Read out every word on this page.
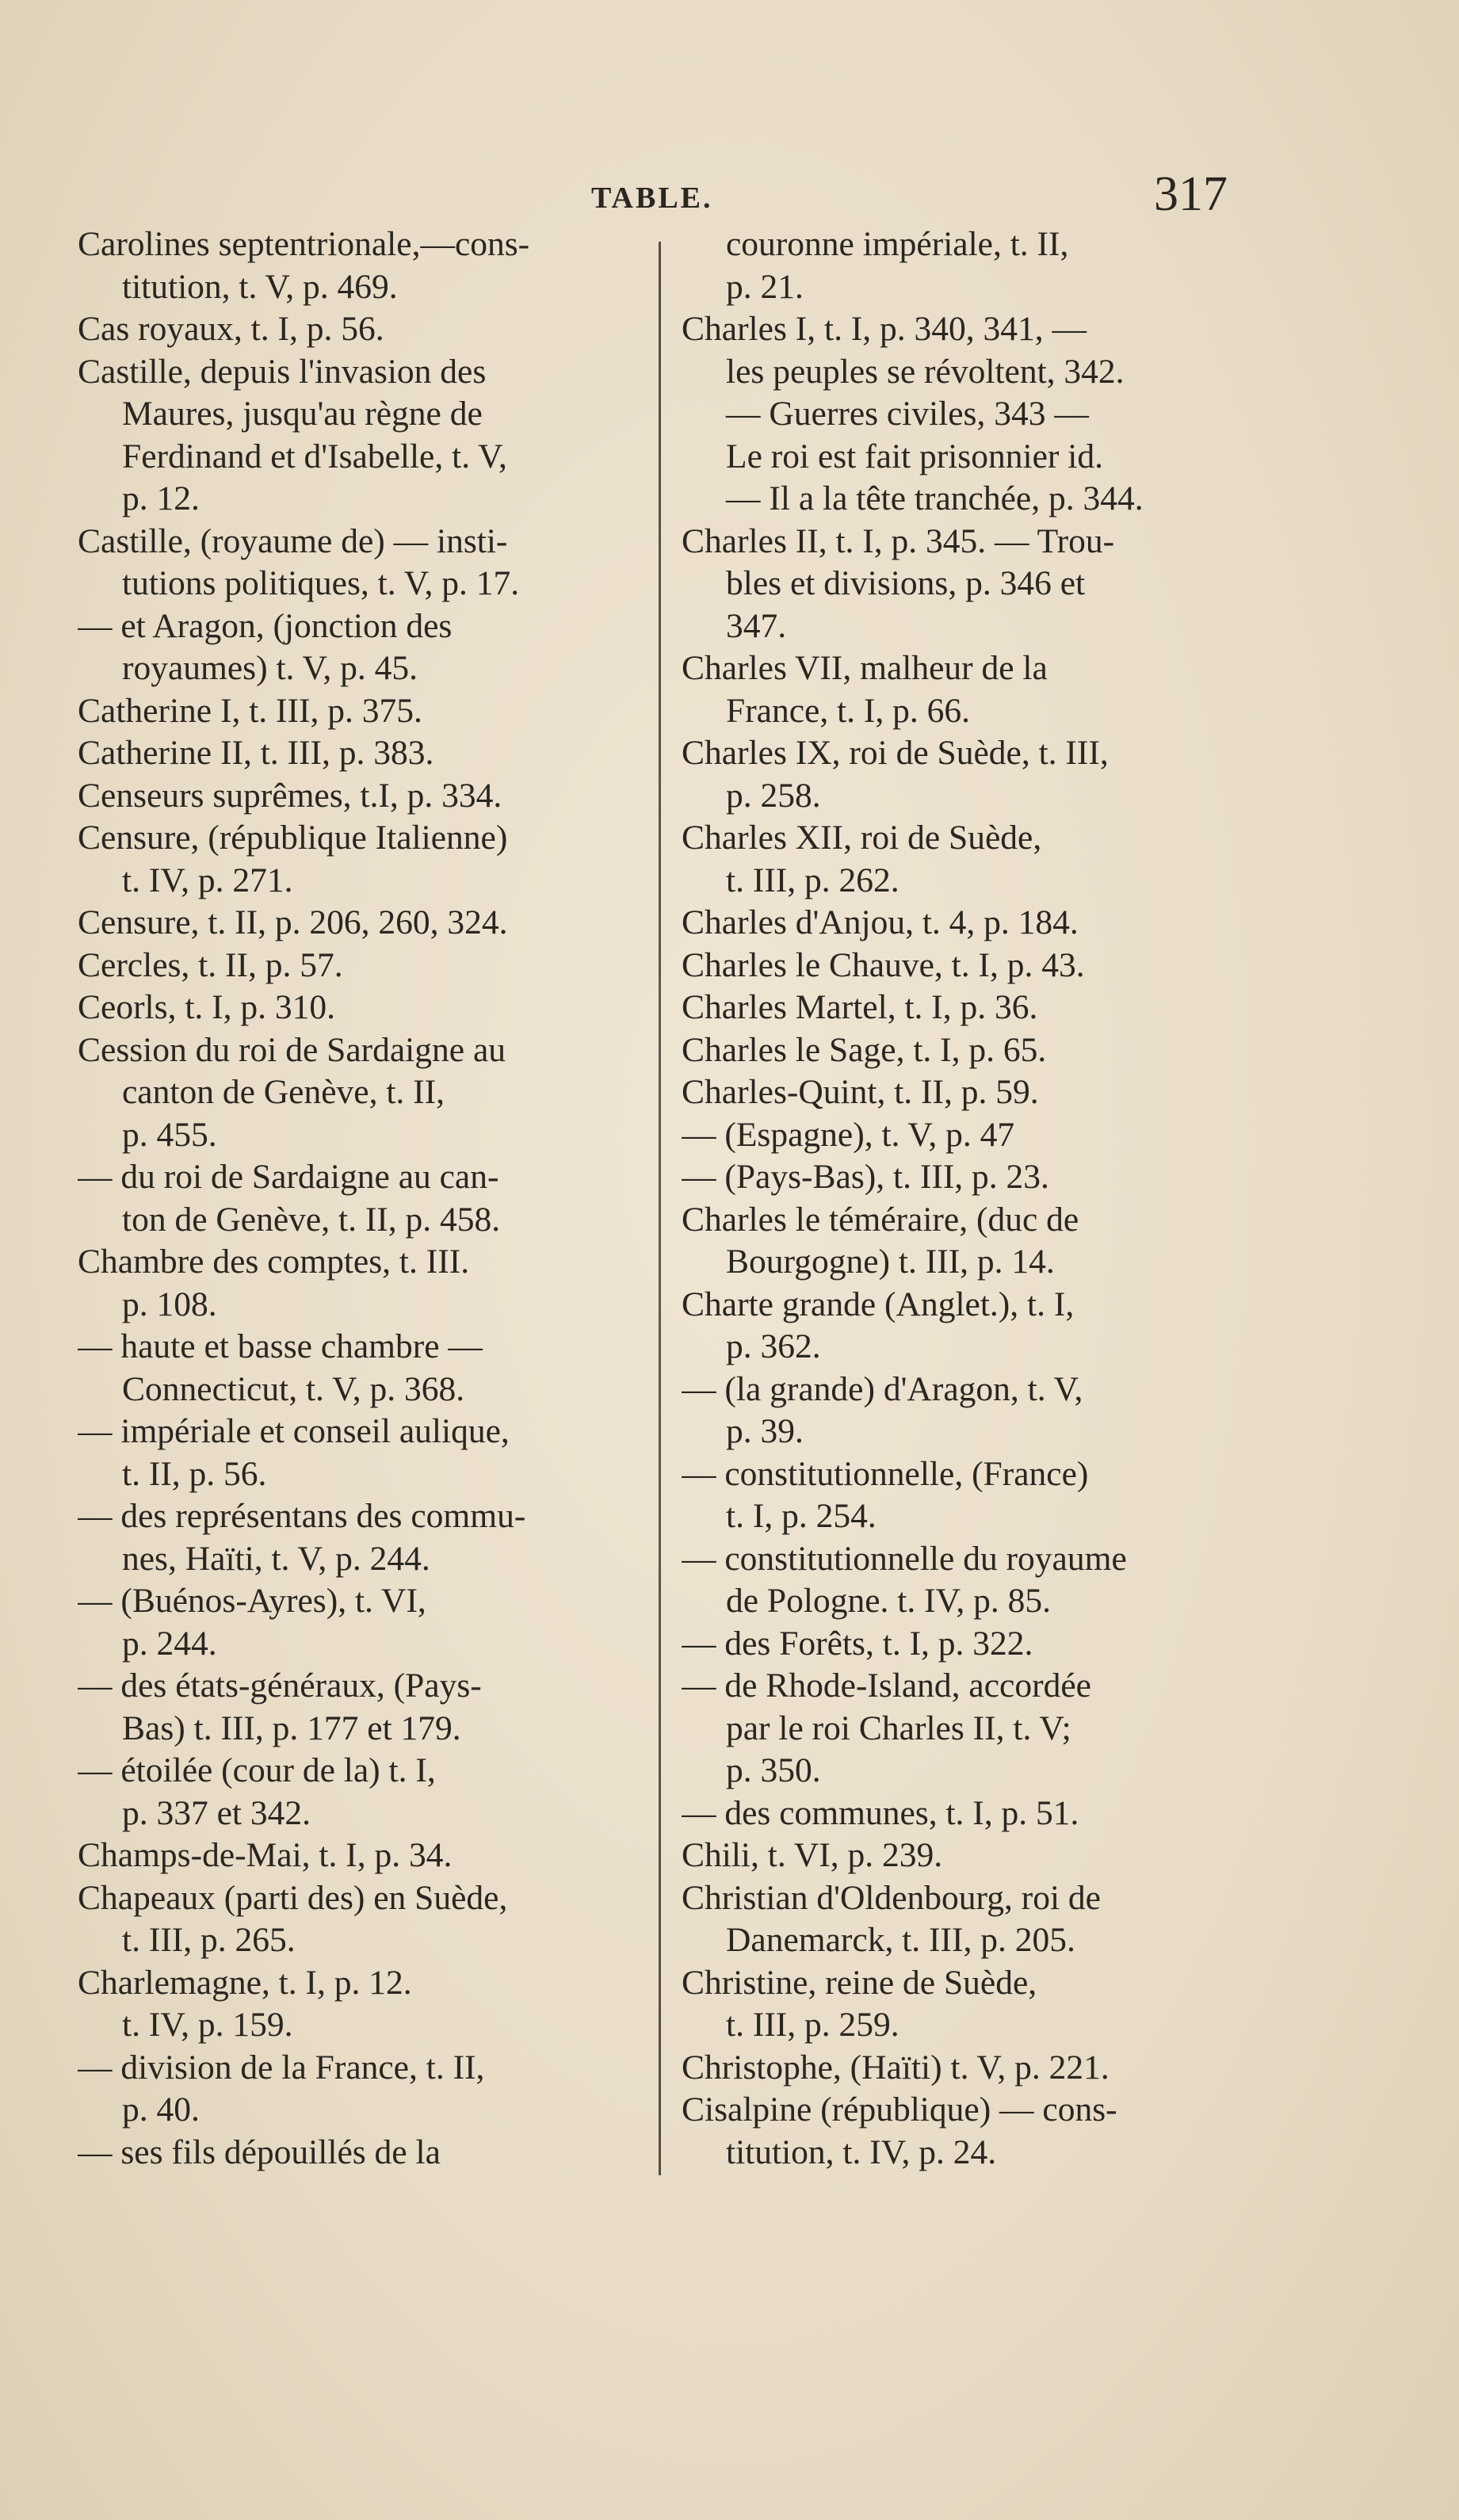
TABLE.	317
Carolines septentrionale,—cons-
titution, t. V, p. 469.
Cas royaux, t. I, p. 56.
Castille, depuis l'invasion des
Maures, jusqu'au règne de
Ferdinand et d'Isabelle, t. V,
p. 12.
Castille, (royaume de) — insti-
tutions politiques, t. V, p. 17.
— et Aragon, (jonction des
royaumes) t. V, p. 45.
Catherine I, t. III, p. 375.
Catherine II, t. III, p. 383.
Censeurs suprêmes, t.I, p. 334.
Censure, (république Italienne)
t. IV, p. 271.
Censure, t. II, p. 206, 260, 324.
Cercles, t. II, p. 57.
Ceorls, t. I, p. 310.
Cession du roi de Sardaigne au
canton de Genève, t. II,
p. 455.
— du roi de Sardaigne au can-
ton de Genève, t. II, p. 458.
Chambre des comptes, t. III.
p. 108.
— haute et basse chambre —
Connecticut, t. V, p. 368.
— impériale et conseil aulique,
t. II, p. 56.
— des représentans des commu-
nes, Haïti, t. V, p. 244.
— (Buénos-Ayres), t. VI,
p. 244.
— des états-généraux, (Pays-
Bas) t. III, p. 177 et 179.
— étoilée (cour de la) t. I,
p. 337 et 342.
Champs-de-Mai, t. I, p. 34.
Chapeaux (parti des) en Suède,
t. III, p. 265.
Charlemagne, t. I, p. 12.
t. IV, p. 159.
— division de la France, t. II,
p. 40.
— ses fils dépouillés de la
couronne impériale, t. II,
p. 21.
Charles I, t. I, p. 340, 341, —
les peuples se révoltent, 342.
— Guerres civiles, 343 —
Le roi est fait prisonnier id.
— Il a la tête tranchée, p. 344.
Charles II, t. I, p. 345. — Trou-
bles et divisions, p. 346 et
347.
Charles VII, malheur de la
France, t. I, p. 66.
Charles IX, roi de Suède, t. III,
p. 258.
Charles XII, roi de Suède,
t. III, p. 262.
Charles d'Anjou, t. 4, p. 184.
Charles le Chauve, t. I, p. 43.
Charles Martel, t. I, p. 36.
Charles le Sage, t. I, p. 65.
Charles-Quint, t. II, p. 59.
— (Espagne), t. V, p. 47
— (Pays-Bas), t. III, p. 23.
Charles le téméraire, (duc de
Bourgogne) t. III, p. 14.
Charte grande (Anglet.), t. I,
p. 362.
— (la grande) d'Aragon, t. V,
p. 39.
— constitutionnelle, (France)
t. I, p. 254.
— constitutionnelle du royaume
de Pologne. t. IV, p. 85.
— des Forêts, t. I, p. 322.
— de Rhode-Island, accordée
par le roi Charles II, t. V;
p. 350.
— des communes, t. I, p. 51.
Chili, t. VI, p. 239.
Christian d'Oldenbourg, roi de
Danemarck, t. III, p. 205.
Christine, reine de Suède,
t. III, p. 259.
Christophe, (Haïti) t. V, p. 221.
Cisalpine (république) — cons-
titution, t. IV, p. 24.
